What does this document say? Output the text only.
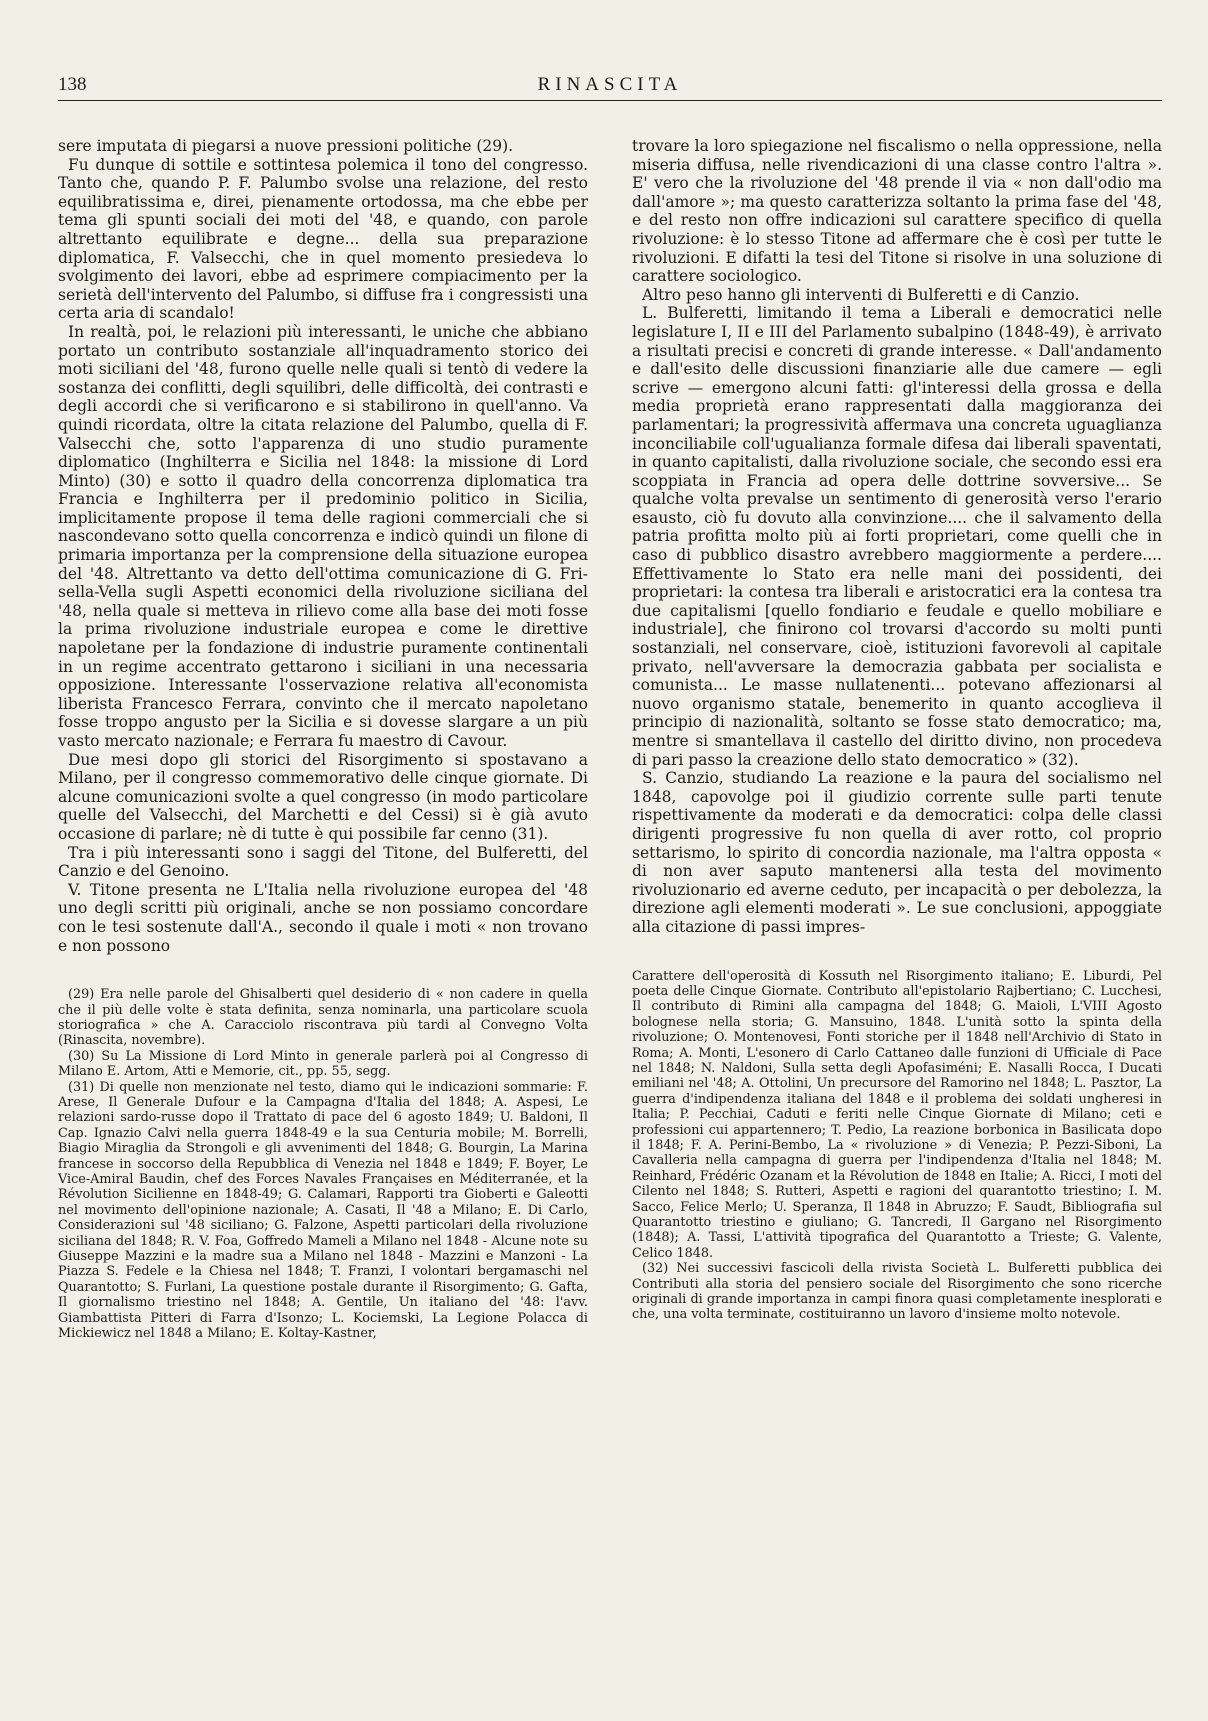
138	RINASCITA

sere imputata di piegarsi a nuove pressioni politiche (29).

Fu dunque di sottile e sottintesa polemica il tono del congresso. Tanto che, quando P. F. Palumbo svolse una relazione, del resto equilibratissima e, direi, pienamente ortodossa, ma che ebbe per tema gli spunti sociali dei moti del '48, e quando, con parole altrettanto equilibrate e degne... della sua preparazione diplomatica, F. Valsecchi, che in quel momento presiedeva lo svolgimento dei lavori, ebbe ad esprimere compiacimento per la serietà dell'intervento del Palumbo, si diffuse fra i congressisti una certa aria di scandalo!

In realtà, poi, le relazioni più interessanti, le uniche che abbiano portato un contributo sostanziale all'inquadramento storico dei moti siciliani del '48, furono quelle nelle quali si tentò di vedere la sostanza dei conflitti, degli squilibri, delle difficoltà, dei contrasti e degli accordi che si verificarono e si stabilirono in quell'anno. Va quindi ricordata, oltre la citata relazione del Palumbo, quella di F. Valsecchi che, sotto l'apparenza di uno studio puramente diplomatico (Inghilterra e Sicilia nel 1848: la missione di Lord Minto) (30) e sotto il quadro della concorrenza diplomatica tra Francia e Inghilterra per il predominio politico in Sicilia, implicitamente propose il tema delle ragioni commerciali che si nascondevano sotto quella concorrenza e indicò quindi un filone di primaria importanza per la comprensione della situazione europea del '48. Altrettanto va detto dell'ottima comunicazione di G. Fri-sella-Vella sugli Aspetti economici della rivoluzione siciliana del '48, nella quale si metteva in rilievo come alla base dei moti fosse la prima rivoluzione industriale europea e come le direttive napoletane per la fondazione di industrie puramente continentali in un regime accentrato gettarono i siciliani in una necessaria opposizione. Interessante l'osservazione relativa all'economista liberista Francesco Ferrara, convinto che il mercato napoletano fosse troppo angusto per la Sicilia e si dovesse slargare a un più vasto mercato nazionale; e Ferrara fu maestro di Cavour.

Due mesi dopo gli storici del Risorgimento si spostavano a Milano, per il congresso commemorativo delle cinque giornate. Di alcune comunicazioni svolte a quel congresso (in modo particolare quelle del Valsecchi, del Marchetti e del Cessi) si è già avuto occasione di parlare; nè di tutte è qui possibile far cenno (31).

Tra i più interessanti sono i saggi del Titone, del Bulferetti, del Canzio e del Genoino.

V. Titone presenta ne L'Italia nella rivoluzione europea del '48 uno degli scritti più originali, anche se non possiamo concordare con le tesi sostenute dall'A., secondo il quale i moti « non trovano e non possono

(29) Era nelle parole del Ghisalberti quel desiderio di « non cadere in quella che il più delle volte è stata definita, senza nominarla, una particolare scuola storiografica » che A. Caracciolo riscontrava più tardi al Convegno Volta (Rinascita, novembre).

(30) Su La Missione di Lord Minto in generale parlerà poi al Congresso di Milano E. Artom, Atti e Memorie, cit., pp. 55, segg.

(31) Di quelle non menzionate nel testo, diamo qui le indicazioni sommarie: F. Arese, Il Generale Dufour e la Campagna d'Italia del 1848; A. Aspesi, Le relazioni sardo-russe dopo il Trattato di pace del 6 agosto 1849; U. Baldoni, Il Cap. Ignazio Calvi nella guerra 1848-49 e la sua Centuria mobile; M. Borrelli, Biagio Miraglia da Strongoli e gli avvenimenti del 1848; G. Bourgin, La Marina francese in soccorso della Repubblica di Venezia nel 1848 e 1849; F. Boyer, Le Vice-Amiral Baudin, chef des Forces Navales Françaises en Méditerranée, et la Révolution Sicilienne en 1848-49; G. Calamari, Rapporti tra Gioberti e Galeotti nel movimento dell'opinione nazionale; A. Casati, Il '48 a Milano; E. Di Carlo, Considerazioni sul '48 siciliano; G. Falzone, Aspetti particolari della rivoluzione siciliana del 1848; R. V. Foa, Goffredo Mameli a Milano nel 1848 - Alcune note su Giuseppe Mazzini e la madre sua a Milano nel 1848 - Mazzini e Manzoni - La Piazza S. Fedele e la Chiesa nel 1848; T. Franzi, I volontari bergamaschi nel Quarantotto; S. Furlani, La questione postale durante il Risorgimento; G. Gafta, Il giornalismo triestino nel 1848; A. Gentile, Un italiano del '48: l'avv. Giambattista Pitteri di Farra d'Isonzo; L. Kociemski, La Legione Polacca di Mickiewicz nel 1848 a Milano; E. Koltay-Kastner,

trovare la loro spiegazione nel fiscalismo o nella oppressione, nella miseria diffusa, nelle rivendicazioni di una classe contro l'altra ». E' vero che la rivoluzione del '48 prende il via « non dall'odio ma dall'amore »; ma questo caratterizza soltanto la prima fase del '48, e del resto non offre indicazioni sul carattere specifico di quella rivoluzione: è lo stesso Titone ad affermare che è così per tutte le rivoluzioni. E difatti la tesi del Titone si risolve in una soluzione di carattere sociologico.

Altro peso hanno gli interventi di Bulferetti e di Canzio.

L. Bulferetti, limitando il tema a Liberali e democratici nelle legislature I, II e III del Parlamento subalpino (1848-49), è arrivato a risultati precisi e concreti di grande interesse. « Dall'andamento e dall'esito delle discussioni finanziarie alle due camere — egli scrive — emergono alcuni fatti: gl'interessi della grossa e della media proprietà erano rappresentati dalla maggioranza dei parlamentari; la progressività affermava una concreta uguaglianza inconciliabile coll'ugualianza formale difesa dai liberali spaventati, in quanto capitalisti, dalla rivoluzione sociale, che secondo essi era scoppiata in Francia ad opera delle dottrine sovversive... Se qualche volta prevalse un sentimento di generosità verso l'erario esausto, ciò fu dovuto alla convinzione.... che il salvamento della patria profitta molto più ai forti proprietari, come quelli che in caso di pubblico disastro avrebbero maggiormente a perdere.... Effettivamente lo Stato era nelle mani dei possidenti, dei proprietari: la contesa tra liberali e aristocratici era la contesa tra due capitalismi [quello fondiario e feudale e quello mobiliare e industriale], che finirono col trovarsi d'accordo su molti punti sostanziali, nel conservare, cioè, istituzioni favorevoli al capitale privato, nell'avversare la democrazia gabbata per socialista e comunista... Le masse nullatenenti... potevano affezionarsi al nuovo organismo statale, benemerito in quanto accoglieva il principio di nazionalità, soltanto se fosse stato democratico; ma, mentre si smantellava il castello del diritto divino, non procedeva di pari passo la creazione dello stato democratico » (32).

S. Canzio, studiando La reazione e la paura del socialismo nel 1848, capovolge poi il giudizio corrente sulle parti tenute rispettivamente da moderati e da democratici: colpa delle classi dirigenti progressive fu non quella di aver rotto, col proprio settarismo, lo spirito di concordia nazionale, ma l'altra opposta « di non aver saputo mantenersi alla testa del movimento rivoluzionario ed averne ceduto, per incapacità o per debolezza, la direzione agli elementi moderati ». Le sue conclusioni, appoggiate alla citazione di passi impres-

Carattere dell'operosità di Kossuth nel Risorgimento italiano; E. Liburdi, Pel poeta delle Cinque Giornate. Contributo all'epistolario Rajbertiano; C. Lucchesi, Il contributo di Rimini alla campagna del 1848; G. Maioli, L'VIII Agosto bolognese nella storia; G. Mansuino, 1848. L'unità sotto la spinta della rivoluzione; O. Montenovesi, Fonti storiche per il 1848 nell'Archivio di Stato in Roma; A. Monti, L'esonero di Carlo Cattaneo dalle funzioni di Ufficiale di Pace nel 1848; N. Naldoni, Sulla setta degli Apofasiméni; E. Nasalli Rocca, I Ducati emiliani nel '48; A. Ottolini, Un precursore del Ramorino nel 1848; L. Pasztor, La guerra d'indipendenza italiana del 1848 e il problema dei soldati ungheresi in Italia; P. Pecchiai, Caduti e feriti nelle Cinque Giornate di Milano; ceti e professioni cui appartennero; T. Pedio, La reazione borbonica in Basilicata dopo il 1848; F. A. Perini-Bembo, La « rivoluzione » di Venezia; P. Pezzi-Siboni, La Cavalleria nella campagna di guerra per l'indipendenza d'Italia nel 1848; M. Reinhard, Frédéric Ozanam et la Révolution de 1848 en Italie; A. Ricci, I moti del Cilento nel 1848; S. Rutteri, Aspetti e ragioni del quarantotto triestino; I. M. Sacco, Felice Merlo; U. Speranza, Il 1848 in Abruzzo; F. Saudt, Bibliografia sul Quarantotto triestino e giuliano; G. Tancredi, Il Gargano nel Risorgimento (1848); A. Tassi, L'attività tipografica del Quarantotto a Trieste; G. Valente, Celico 1848.

(32) Nei successivi fascicoli della rivista Società L. Bulferetti pubblica dei Contributi alla storia del pensiero sociale del Risorgimento che sono ricerche originali di grande importanza in campi finora quasi completamente inesplorati e che, una volta terminate, costituiranno un lavoro d'insieme molto notevole.
